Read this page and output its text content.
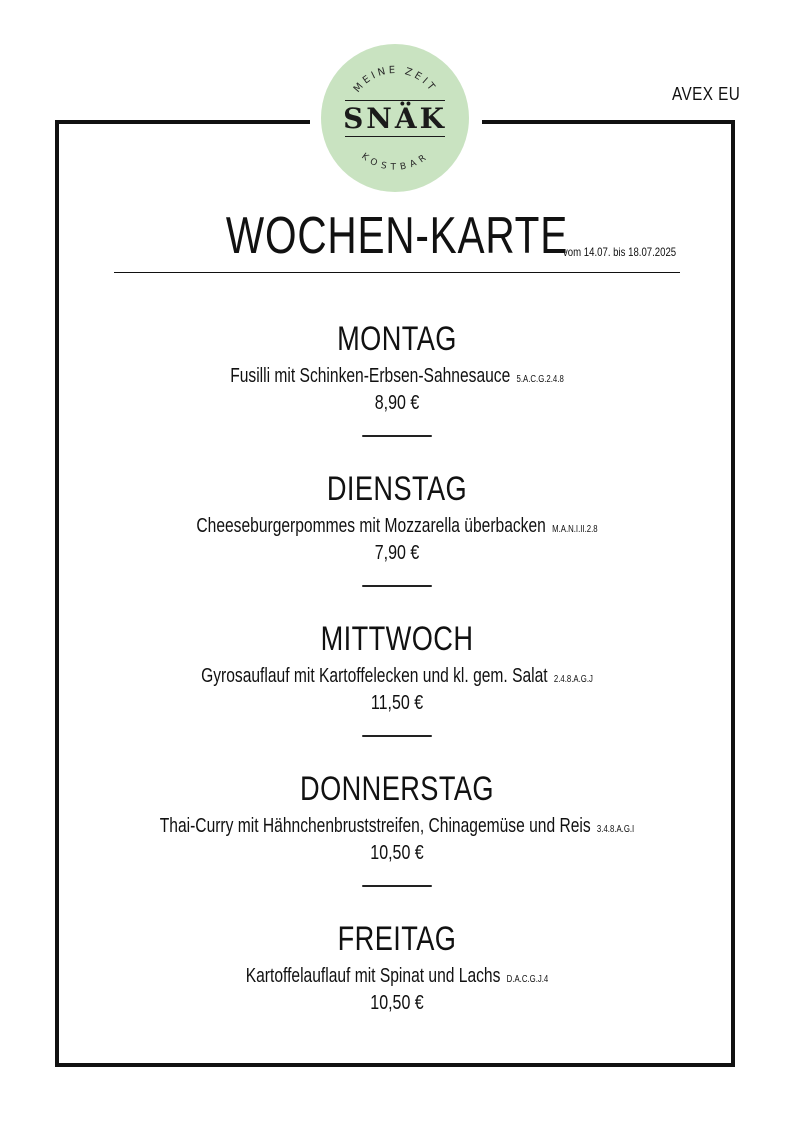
MEINE ZEIT
KOSTBAR
SNÄK
AVEX EU
WOCHEN-KARTE
vom 14.07. bis 18.07.2025
MONTAG
Fusilli mit Schinken-Erbsen-Sahnesauce 5.A.C.G.2.4.8
8,90 €
DIENSTAG
Cheeseburgerpommes mit Mozzarella überbacken M.A.N.I.II.2.8
7,90 €
MITTWOCH
Gyrosauflauf mit Kartoffelecken und kl. gem. Salat 2.4.8.A.G.J
11,50 €
DONNERSTAG
Thai-Curry mit Hähnchenbruststreifen, Chinagemüse und Reis 3.4.8.A.G.I
10,50 €
FREITAG
Kartoffelauflauf mit Spinat und Lachs D.A.C.G.J.4
10,50 €
